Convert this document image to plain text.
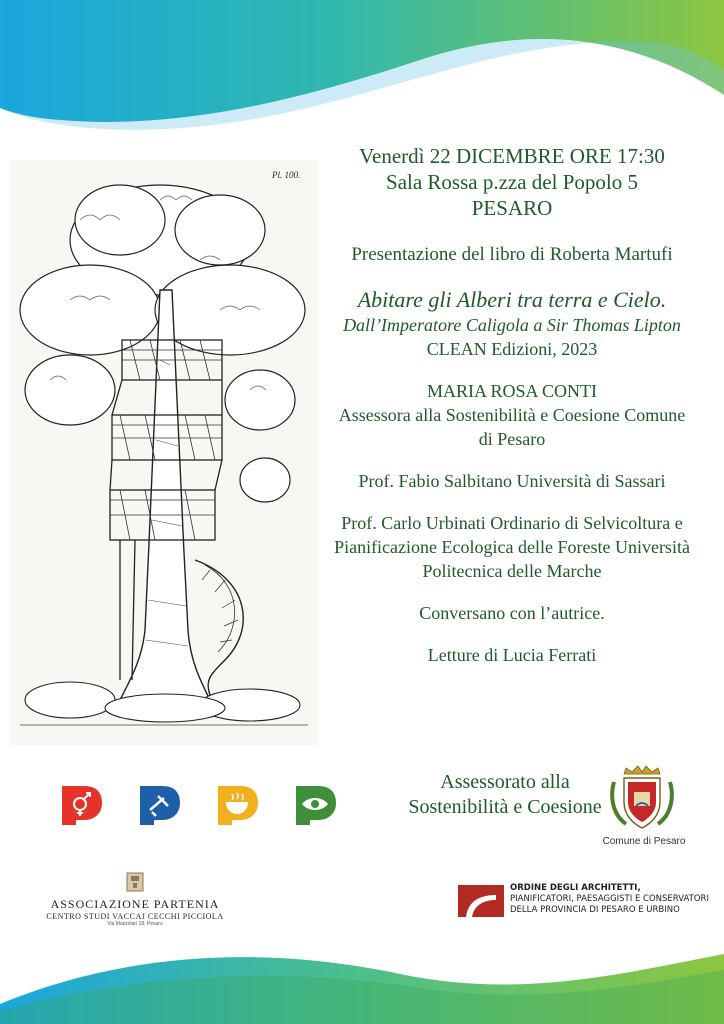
Pl. 100.
Venerdì 22 DICEMBRE ORE 17:30
Sala Rossa p.zza del Popolo 5
PESARO
Presentazione del libro di Roberta Martufi
Abitare gli Alberi tra terra e Cielo.
Dall’Imperatore Caligola a Sir Thomas Lipton
CLEAN Edizioni, 2023
MARIA ROSA CONTI
Assessora alla Sostenibilità e Coesione Comune di Pesaro
Prof. Fabio Salbitano Università di Sassari
Prof. Carlo Urbinati Ordinario di Selvicoltura e Pianificazione Ecologica delle Foreste Università Politecnica delle Marche
Conversano con l’autrice.
Letture di Lucia Ferrati
Assessorato alla
Sostenibilità e Coesione
Comune di Pesaro
ASSOCIAZIONE PARTENIA
CENTRO STUDI VACCAJ CECCHI PICCIOLA
Via Mazzolari 18, Pesaro
ORDINE DEGLI ARCHITETTI,
PIANIFICATORI, PAESAGGISTI E CONSERVATORI
DELLA PROVINCIA DI PESARO E URBINO
